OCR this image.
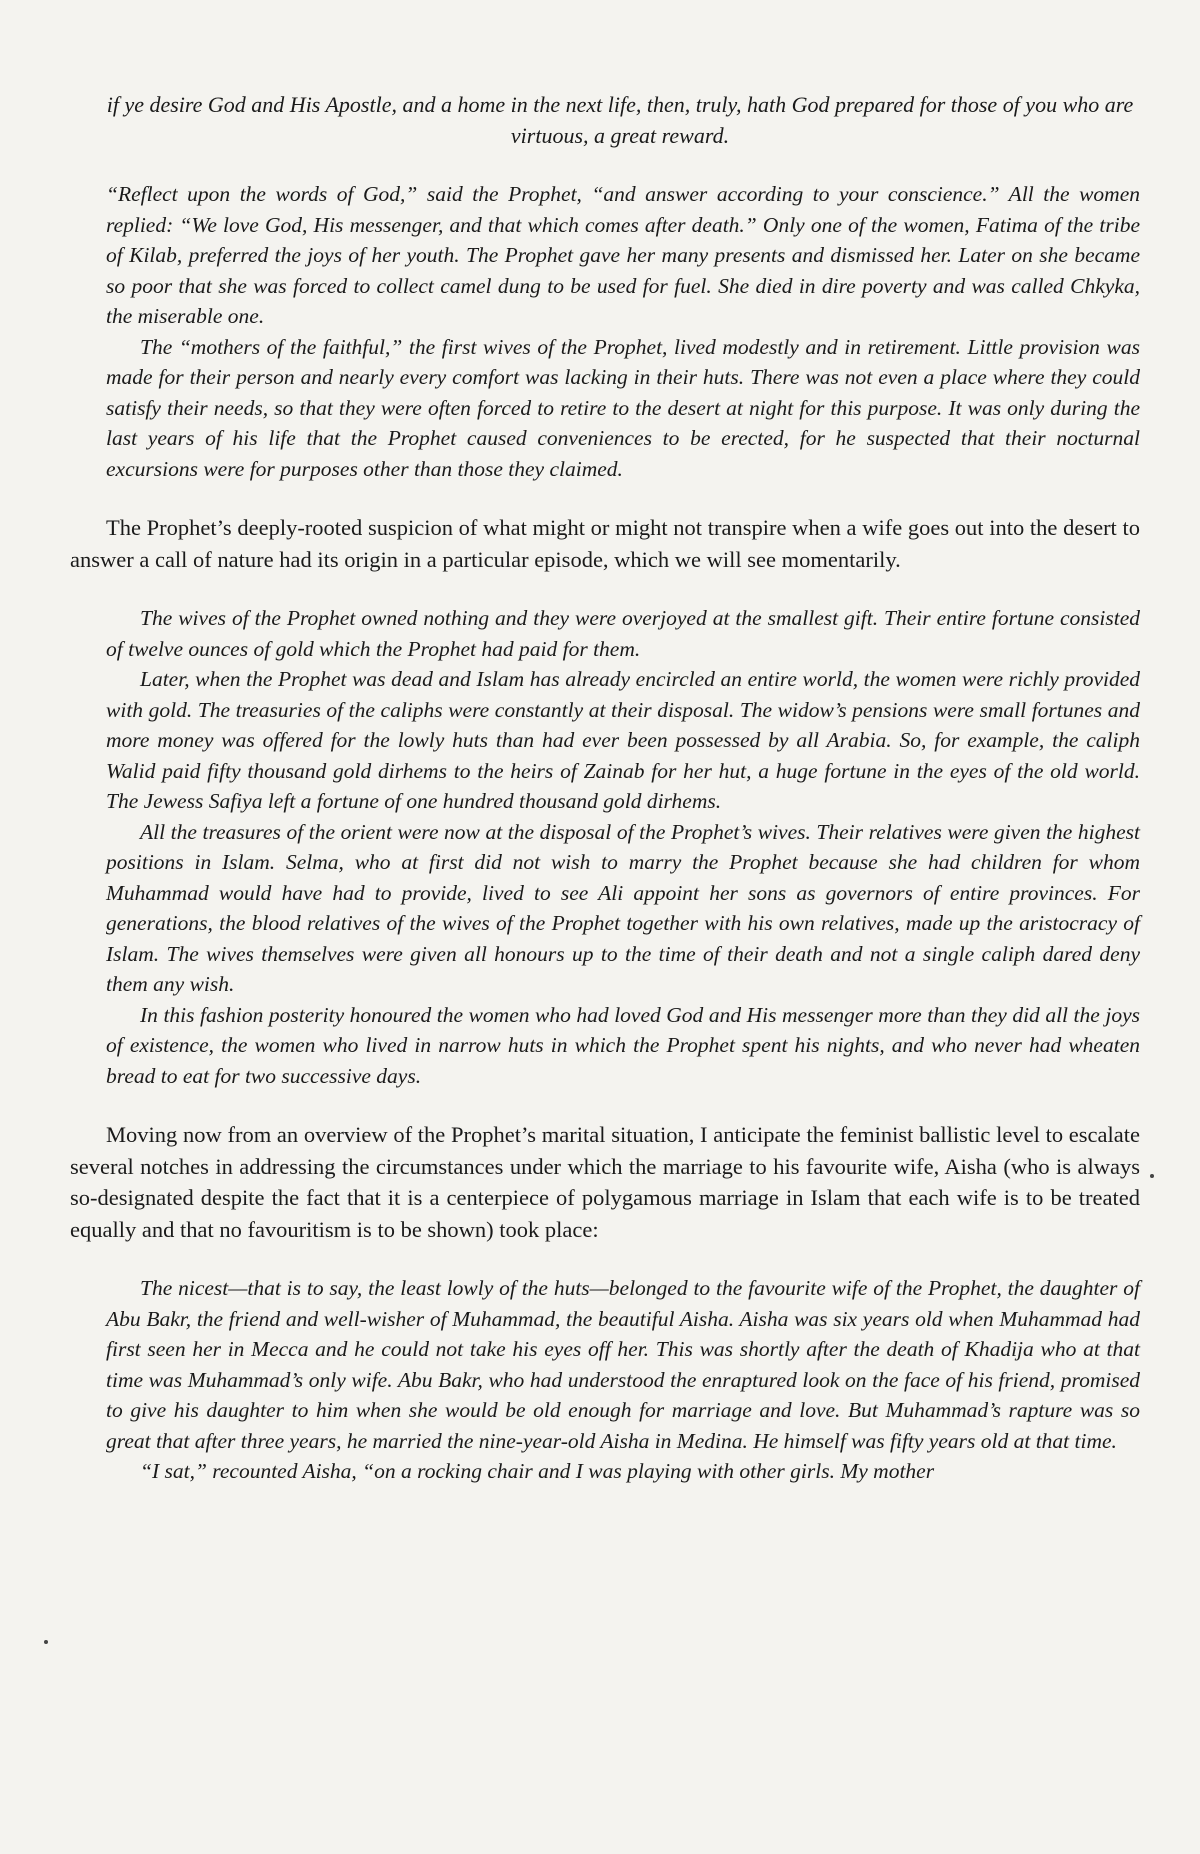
if ye desire God and His Apostle, and a home in the next life, then, truly, hath God prepared for those of you who are virtuous, a great reward.

“Reflect upon the words of God,” said the Prophet, “and answer according to your conscience.” All the women replied: “We love God, His messenger, and that which comes after death.” Only one of the women, Fatima of the tribe of Kilab, preferred the joys of her youth. The Prophet gave her many presents and dismissed her. Later on she became so poor that she was forced to collect camel dung to be used for fuel. She died in dire poverty and was called Chkyka, the miserable one.

The “mothers of the faithful,” the first wives of the Prophet, lived modestly and in retirement. Little provision was made for their person and nearly every comfort was lacking in their huts. There was not even a place where they could satisfy their needs, so that they were often forced to retire to the desert at night for this purpose. It was only during the last years of his life that the Prophet caused conveniences to be erected, for he suspected that their nocturnal excursions were for purposes other than those they claimed.

The Prophet’s deeply-rooted suspicion of what might or might not transpire when a wife goes out into the desert to answer a call of nature had its origin in a particular episode, which we will see momentarily.

The wives of the Prophet owned nothing and they were overjoyed at the smallest gift. Their entire fortune consisted of twelve ounces of gold which the Prophet had paid for them.

Later, when the Prophet was dead and Islam has already encircled an entire world, the women were richly provided with gold. The treasuries of the caliphs were constantly at their disposal. The widow’s pensions were small fortunes and more money was offered for the lowly huts than had ever been possessed by all Arabia. So, for example, the caliph Walid paid fifty thousand gold dirhems to the heirs of Zainab for her hut, a huge fortune in the eyes of the old world. The Jewess Safiya left a fortune of one hundred thousand gold dirhems.

All the treasures of the orient were now at the disposal of the Prophet’s wives. Their relatives were given the highest positions in Islam. Selma, who at first did not wish to marry the Prophet because she had children for whom Muhammad would have had to provide, lived to see Ali appoint her sons as governors of entire provinces. For generations, the blood relatives of the wives of the Prophet together with his own relatives, made up the aristocracy of Islam. The wives themselves were given all honours up to the time of their death and not a single caliph dared deny them any wish.

In this fashion posterity honoured the women who had loved God and His messenger more than they did all the joys of existence, the women who lived in narrow huts in which the Prophet spent his nights, and who never had wheaten bread to eat for two successive days.

Moving now from an overview of the Prophet’s marital situation, I anticipate the feminist ballistic level to escalate several notches in addressing the circumstances under which the marriage to his favourite wife, Aisha (who is always so-designated despite the fact that it is a centerpiece of polygamous marriage in Islam that each wife is to be treated equally and that no favouritism is to be shown) took place:

The nicest—that is to say, the least lowly of the huts—belonged to the favourite wife of the Prophet, the daughter of Abu Bakr, the friend and well-wisher of Muhammad, the beautiful Aisha. Aisha was six years old when Muhammad had first seen her in Mecca and he could not take his eyes off her. This was shortly after the death of Khadija who at that time was Muhammad’s only wife. Abu Bakr, who had understood the enraptured look on the face of his friend, promised to give his daughter to him when she would be old enough for marriage and love. But Muhammad’s rapture was so great that after three years, he married the nine-year-old Aisha in Medina. He himself was fifty years old at that time.

“I sat,” recounted Aisha, “on a rocking chair and I was playing with other girls. My mother
